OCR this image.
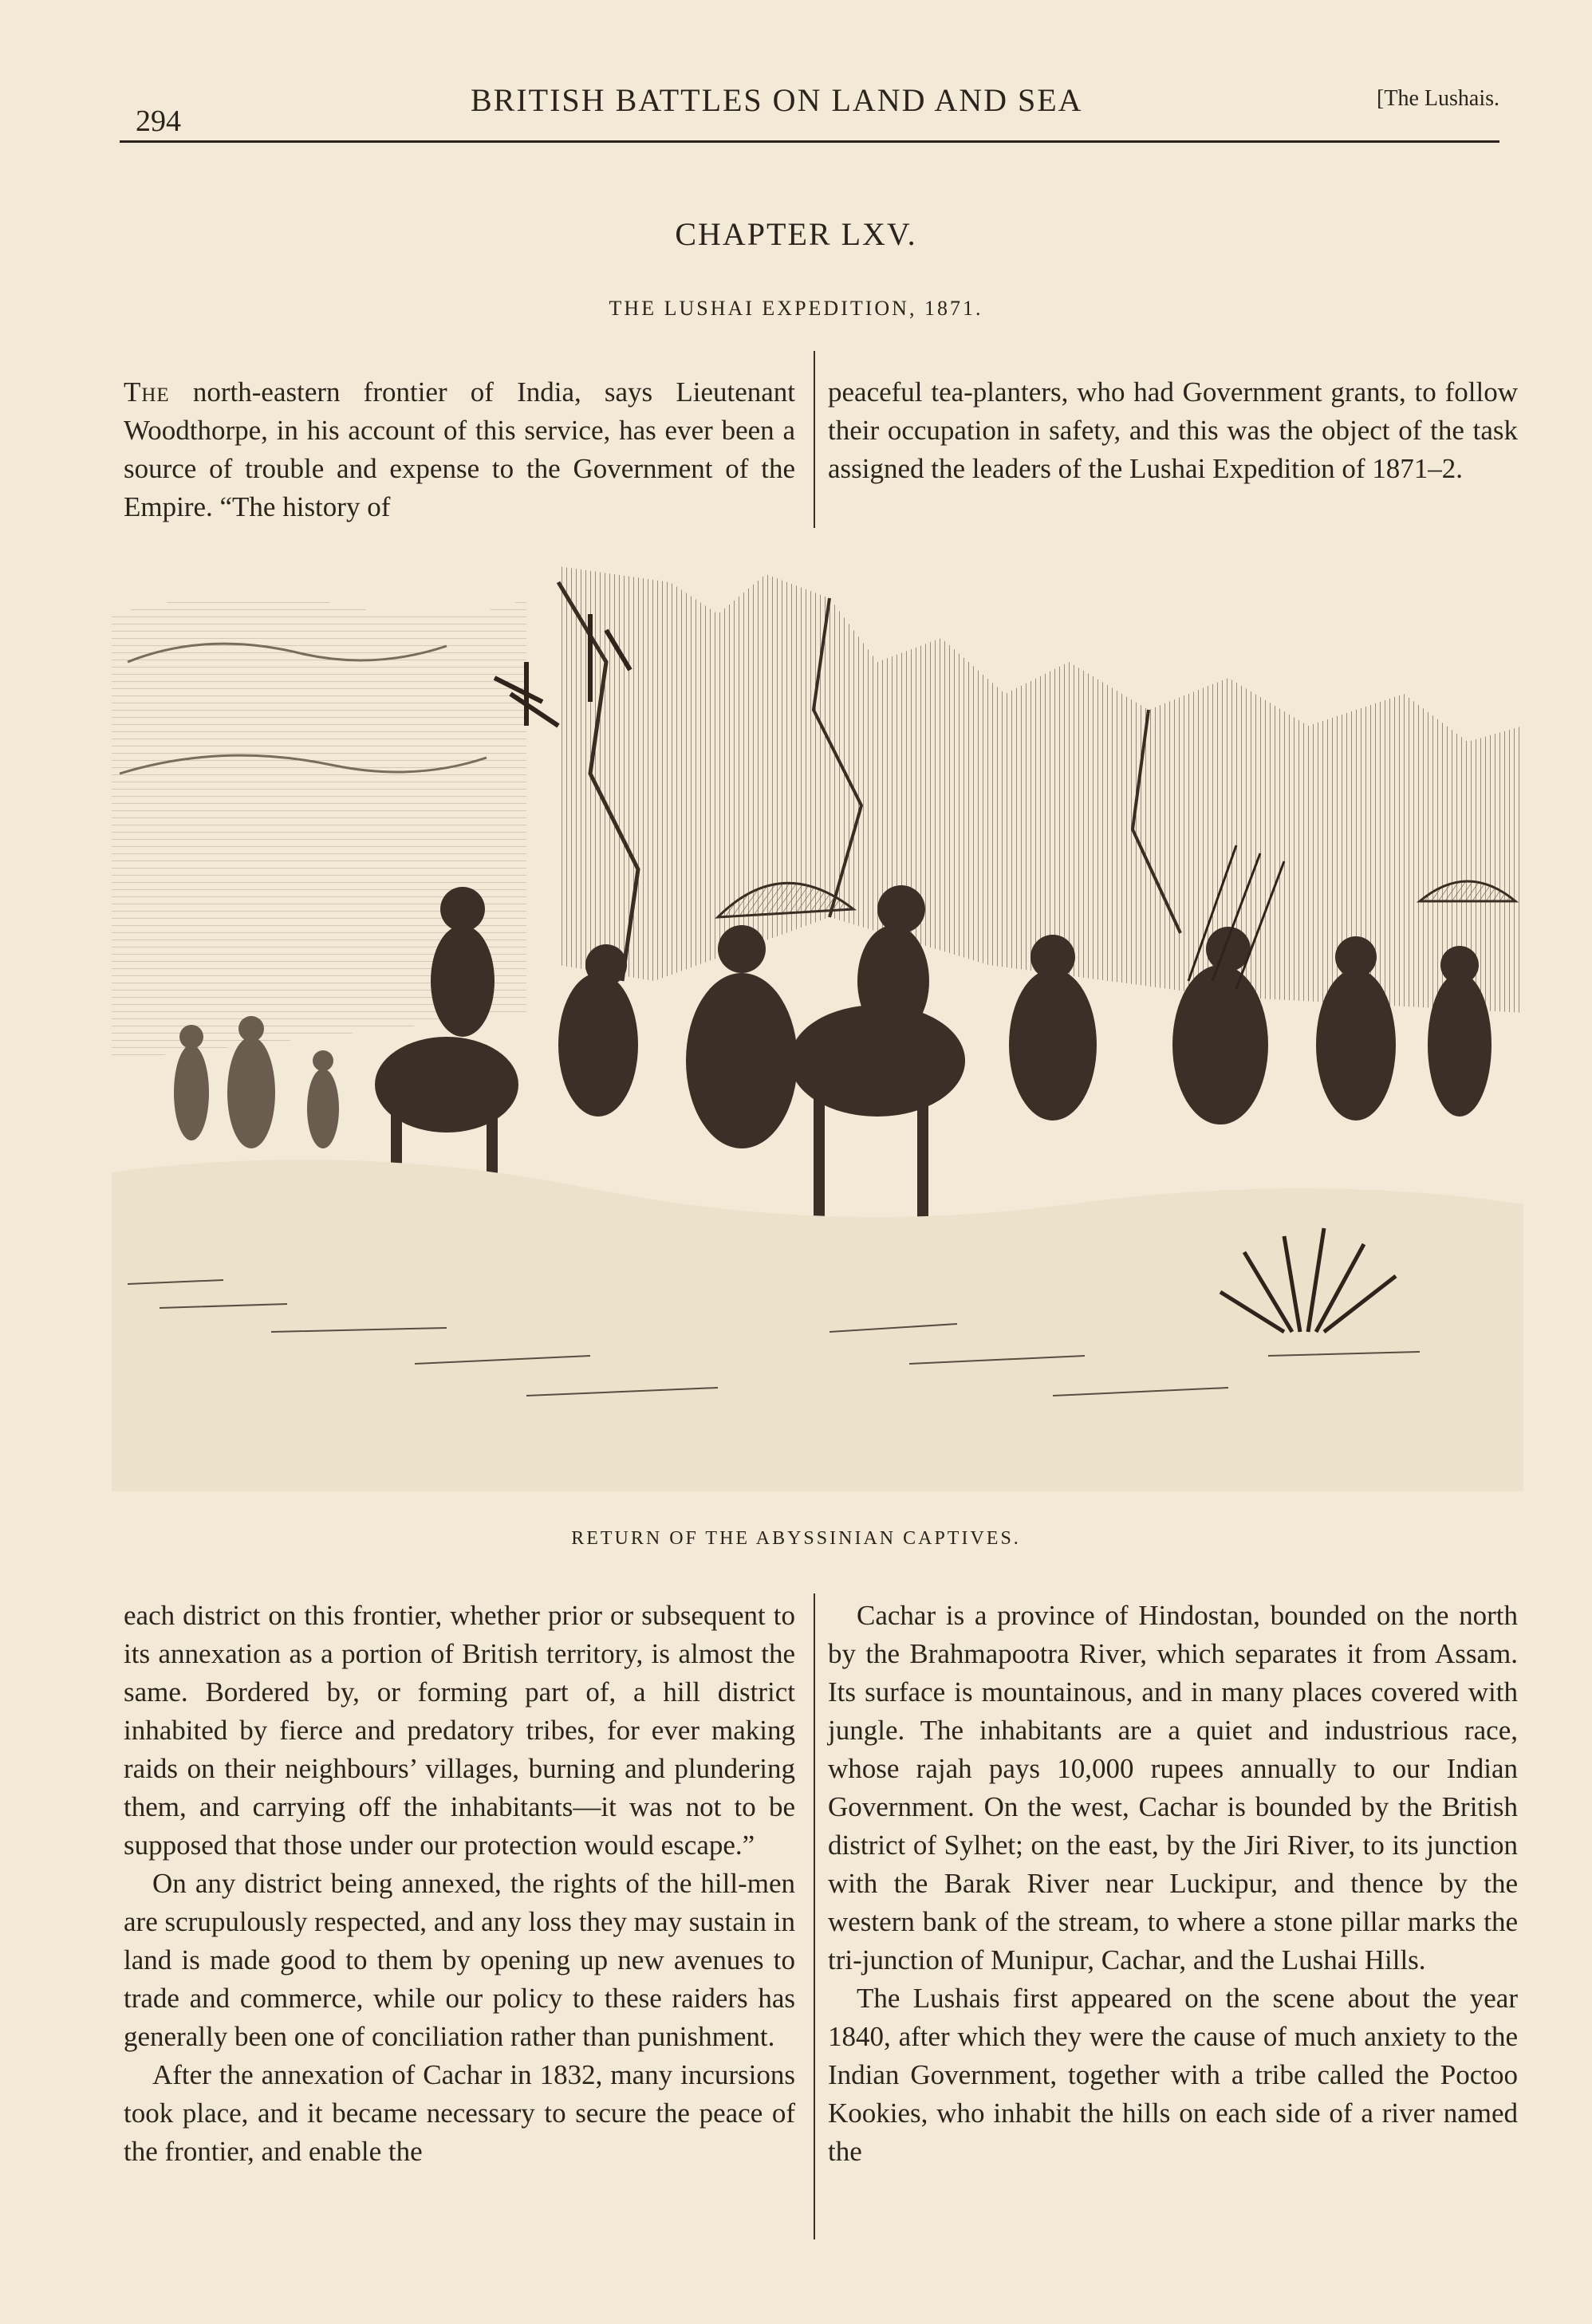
294
BRITISH BATTLES ON LAND AND SEA	[The Lushais.
CHAPTER LXV.
THE LUSHAI EXPEDITION, 1871.

The north-eastern frontier of India, says Lieutenant Woodthorpe, in his account of this service, has ever been a source of trouble and expense to the Government of the Empire. “The history of

peaceful tea-planters, who had Government grants, to follow their occupation in safety, and this was the object of the task assigned the leaders of the Lushai Expedition of 1871–2.

RETURN OF THE ABYSSINIAN CAPTIVES.

each district on this frontier, whether prior or subsequent to its annexation as a portion of British territory, is almost the same. Bordered by, or forming part of, a hill district inhabited by fierce and predatory tribes, for ever making raids on their neighbours’ villages, burning and plundering them, and carrying off the inhabitants—it was not to be supposed that those under our protection would escape.”

On any district being annexed, the rights of the hill-men are scrupulously respected, and any loss they may sustain in land is made good to them by opening up new avenues to trade and commerce, while our policy to these raiders has generally been one of conciliation rather than punishment.

After the annexation of Cachar in 1832, many incursions took place, and it became necessary to secure the peace of the frontier, and enable the

Cachar is a province of Hindostan, bounded on the north by the Brahmapootra River, which separates it from Assam. Its surface is mountainous, and in many places covered with jungle. The inhabitants are a quiet and industrious race, whose rajah pays 10,000 rupees annually to our Indian Government. On the west, Cachar is bounded by the British district of Sylhet; on the east, by the Jiri River, to its junction with the Barak River near Luckipur, and thence by the western bank of the stream, to where a stone pillar marks the tri-junction of Munipur, Cachar, and the Lushai Hills.

The Lushais first appeared on the scene about the year 1840, after which they were the cause of much anxiety to the Indian Government, together with a tribe called the Poctoo Kookies, who inhabit the hills on each side of a river named the
